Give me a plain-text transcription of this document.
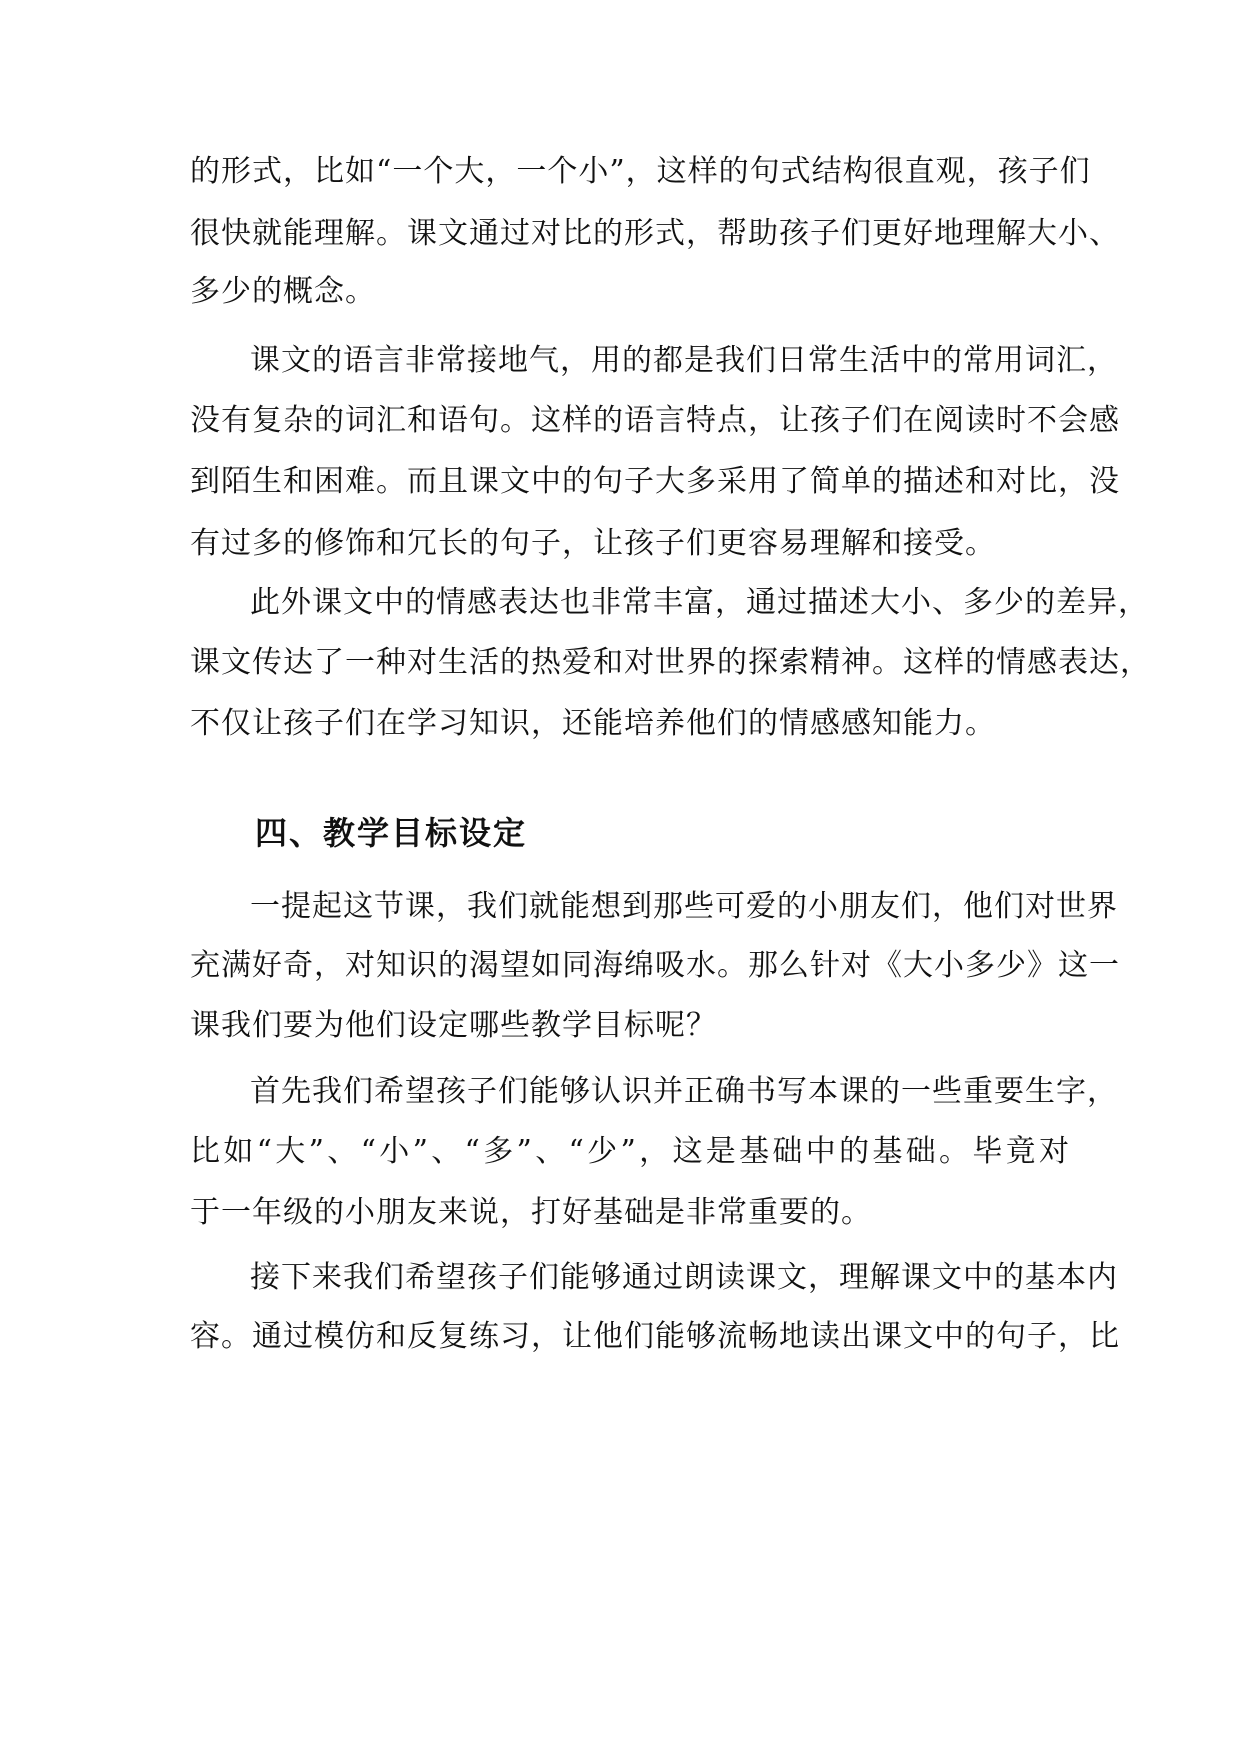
的形式，比如“一个大，一个小”，这样的句式结构很直观，孩子们
很快就能理解。课文通过对比的形式，帮助孩子们更好地理解大小、
多少的概念。
课文的语言非常接地气，用的都是我们日常生活中的常用词汇，
没有复杂的词汇和语句。这样的语言特点，让孩子们在阅读时不会感
到陌生和困难。而且课文中的句子大多采用了简单的描述和对比，没
有过多的修饰和冗长的句子，让孩子们更容易理解和接受。
此外课文中的情感表达也非常丰富，通过描述大小、多少的差异，
课文传达了一种对生活的热爱和对世界的探索精神。这样的情感表达，
不仅让孩子们在学习知识，还能培养他们的情感感知能力。
四、教学目标设定
一提起这节课，我们就能想到那些可爱的小朋友们，他们对世界
充满好奇，对知识的渴望如同海绵吸水。那么针对《大小多少》这一
课我们要为他们设定哪些教学目标呢？
首先我们希望孩子们能够认识并正确书写本课的一些重要生字，
比如“大”、“小”、“多”、“少”，这是基础中的基础。毕竟对
于一年级的小朋友来说，打好基础是非常重要的。
接下来我们希望孩子们能够通过朗读课文，理解课文中的基本内
容。通过模仿和反复练习，让他们能够流畅地读出课文中的句子，比
